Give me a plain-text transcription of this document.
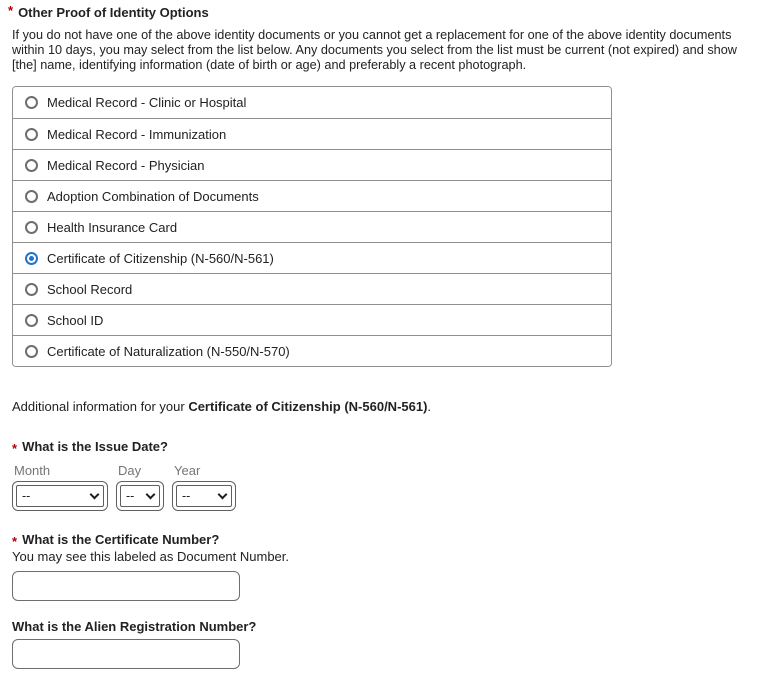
* Other Proof of Identity Options

If you do not have one of the above identity documents or you cannot get a replacement for one of the above identity documents within 10 days, you may select from the list below. Any documents you select from the list must be current (not expired) and show [the] name, identifying information (date of birth or age) and preferably a recent photograph.

Medical Record - Clinic or Hospital
Medical Record - Immunization
Medical Record - Physician
Adoption Combination of Documents
Health Insurance Card
Certificate of Citizenship (N-560/N-561)
School Record
School ID
Certificate of Naturalization (N-550/N-570)

Additional information for your Certificate of Citizenship (N-560/N-561).

* What is the Issue Date?
Month	Day	Year
--	--	--
* What is the Certificate Number?
You may see this labeled as Document Number.
What is the Alien Registration Number?
